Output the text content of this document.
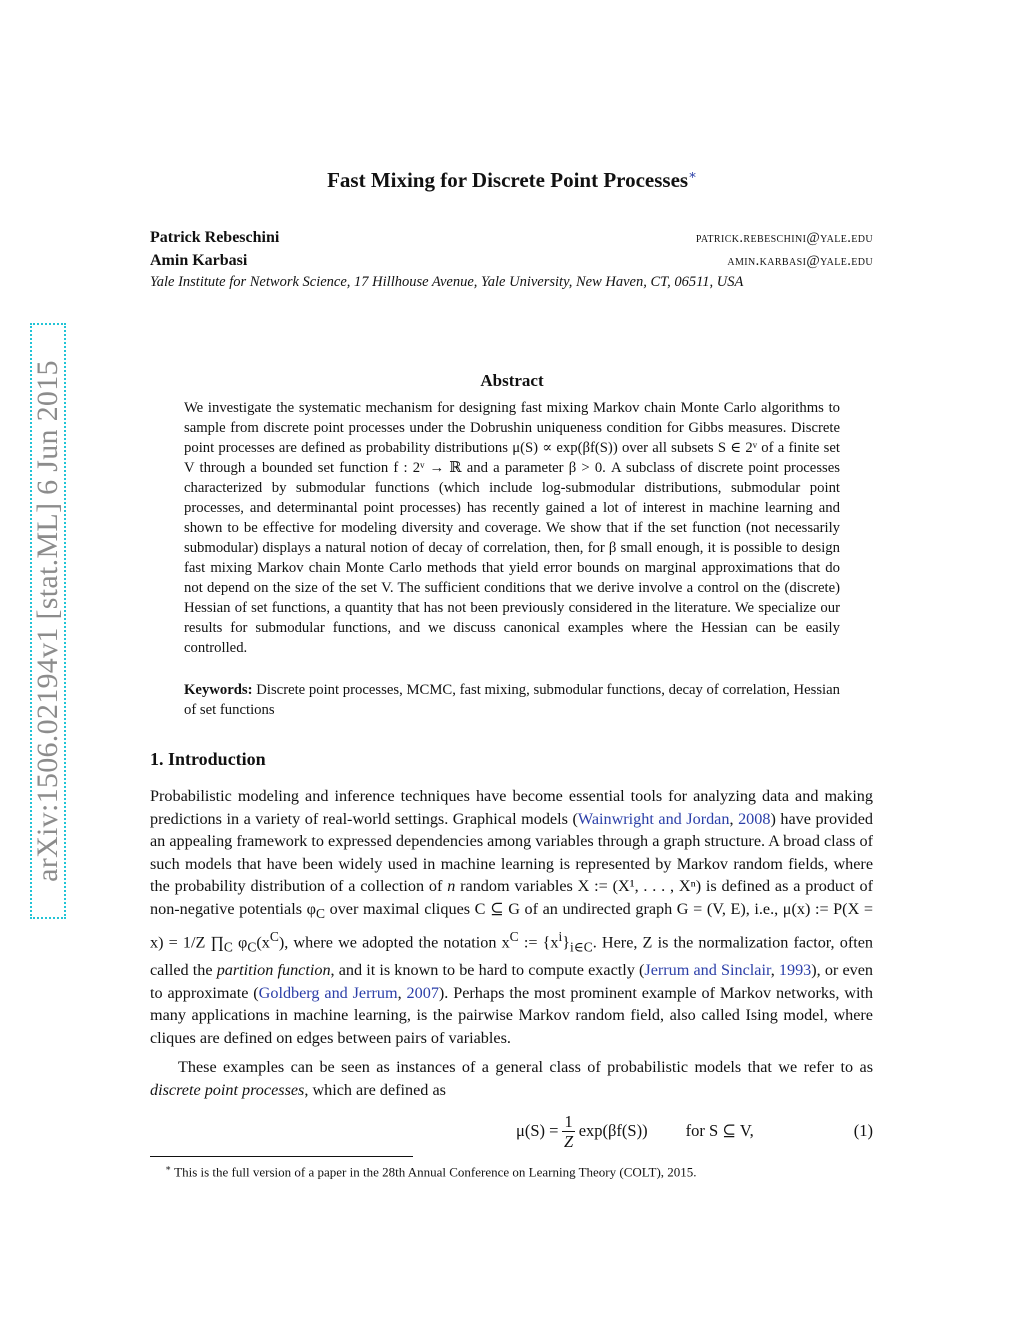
arXiv:1506.02194v1 [stat.ML] 6 Jun 2015
Fast Mixing for Discrete Point Processes∗
Patrick Rebeschini	patrick.rebeschini@yale.edu
Amin Karbasi	amin.karbasi@yale.edu
Yale Institute for Network Science, 17 Hillhouse Avenue, Yale University, New Haven, CT, 06511, USA
Abstract
We investigate the systematic mechanism for designing fast mixing Markov chain Monte Carlo algorithms to sample from discrete point processes under the Dobrushin uniqueness condition for Gibbs measures. Discrete point processes are defined as probability distributions μ(S) ∝ exp(βf(S)) over all subsets S ∈ 2ᵛ of a finite set V through a bounded set function f : 2ᵛ → ℝ and a parameter β > 0. A subclass of discrete point processes characterized by submodular functions (which include log-submodular distributions, submodular point processes, and determinantal point processes) has recently gained a lot of interest in machine learning and shown to be effective for modeling diversity and coverage. We show that if the set function (not necessarily submodular) displays a natural notion of decay of correlation, then, for β small enough, it is possible to design fast mixing Markov chain Monte Carlo methods that yield error bounds on marginal approximations that do not depend on the size of the set V. The sufficient conditions that we derive involve a control on the (discrete) Hessian of set functions, a quantity that has not been previously considered in the literature. We specialize our results for submodular functions, and we discuss canonical examples where the Hessian can be easily controlled.
Keywords: Discrete point processes, MCMC, fast mixing, submodular functions, decay of correlation, Hessian of set functions
1. Introduction
Probabilistic modeling and inference techniques have become essential tools for analyzing data and making predictions in a variety of real-world settings. Graphical models (Wainwright and Jordan, 2008) have provided an appealing framework to expressed dependencies among variables through a graph structure. A broad class of such models that have been widely used in machine learning is represented by Markov random fields, where the probability distribution of a collection of n random variables X := (X¹, . . . , Xⁿ) is defined as a product of non-negative potentials $\varphi_C$ over maximal cliques C ⊆ G of an undirected graph G = (V, E), i.e., μ(x) := P(X = x) = 1/Z $\prod_C$ $\varphi_C(x^C)$, where we adopted the notation $x^C$ := $\{x^i\}_{i\in C}$. Here, Z is the normalization factor, often called the partition function, and it is known to be hard to compute exactly (Jerrum and Sinclair, 1993), or even to approximate (Goldberg and Jerrum, 2007). Perhaps the most prominent example of Markov networks, with many applications in machine learning, is the pairwise Markov random field, also called Ising model, where cliques are defined on edges between pairs of variables.
These examples can be seen as instances of a general class of probabilistic models that we refer to as discrete point processes, which are defined as
$\mu(S) = \frac{1}{Z} \exp(\beta f(S))$ for S ⊆ V,	(1)
∗ This is the full version of a paper in the 28th Annual Conference on Learning Theory (COLT), 2015.
